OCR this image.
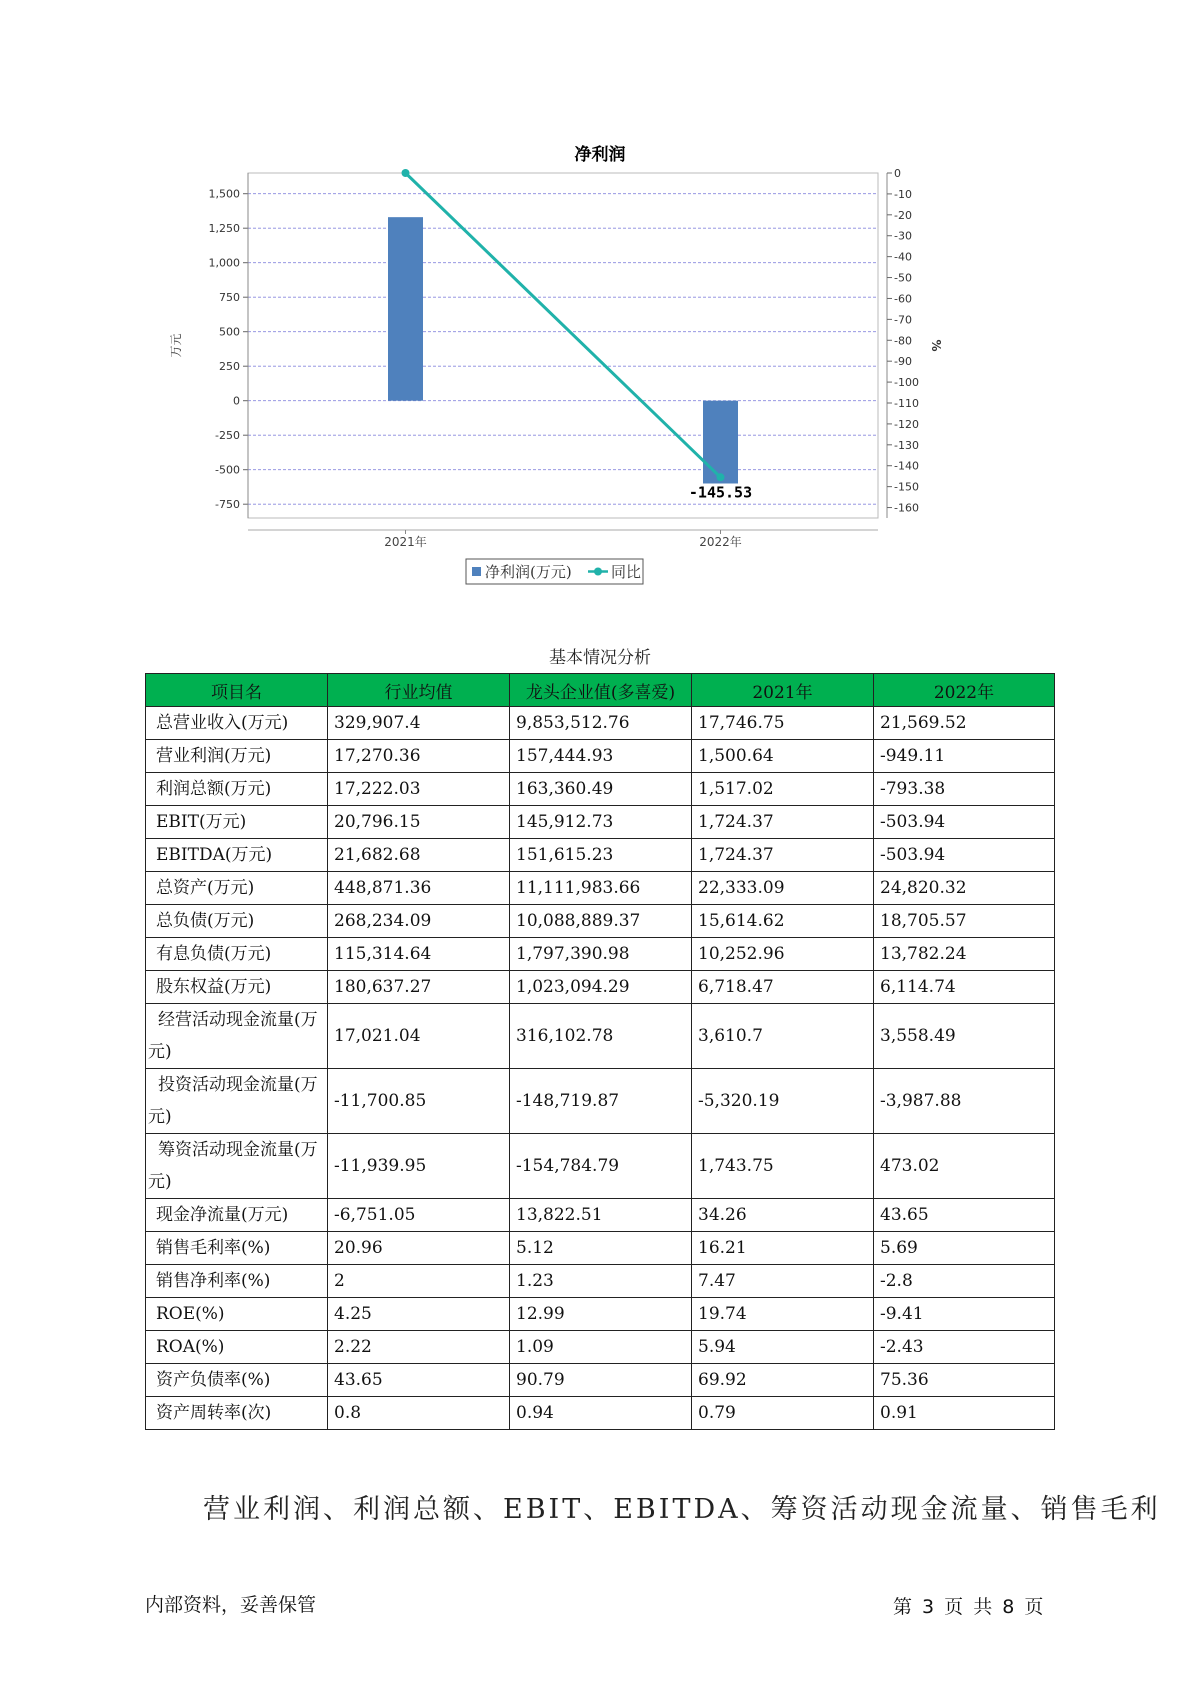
净利润
1,500
1,250
1,000
750
500
250
0
-250
-500
-750
0
-10
-20
-30
-40
-50
-60
-70
-80
-90
-100
-110
-120
-130
-140
-150
-160
万元	%
2021年	2022年
-145.53
净利润(万元)	同比
基本情况分析
项目名	行业均值	龙头企业值(多喜爱)	2021年	2022年
总营业收入(万元)	329,907.4	9,853,512.76	17,746.75	21,569.52
营业利润(万元)	17,270.36	157,444.93	1,500.64	-949.11
利润总额(万元)	17,222.03	163,360.49	1,517.02	-793.38
EBIT(万元)	20,796.15	145,912.73	1,724.37	-503.94
EBITDA(万元)	21,682.68	151,615.23	1,724.37	-503.94
总资产(万元)	448,871.36	11,111,983.66	22,333.09	24,820.32
总负债(万元)	268,234.09	10,088,889.37	15,614.62	18,705.57
有息负债(万元)	115,314.64	1,797,390.98	10,252.96	13,782.24
股东权益(万元)	180,637.27	1,023,094.29	6,718.47	6,114.74
经营活动现金流量(万元)	17,021.04	316,102.78	3,610.7	3,558.49
投资活动现金流量(万元)	-11,700.85	-148,719.87	-5,320.19	-3,987.88
筹资活动现金流量(万元)	-11,939.95	-154,784.79	1,743.75	473.02
现金净流量(万元)	-6,751.05	13,822.51	34.26	43.65
销售毛利率(%)	20.96	5.12	16.21	5.69
销售净利率(%)	2	1.23	7.47	-2.8
ROE(%)	4.25	12.99	19.74	-9.41
ROA(%)	2.22	1.09	5.94	-2.43
资产负债率(%)	43.65	90.79	69.92	75.36
资产周转率(次)	0.8	0.94	0.79	0.91
营业利润、利润总额、EBIT、EBITDA、筹资活动现金流量、销售毛利
内部资料，妥善保管	第 3 页 共 8 页
